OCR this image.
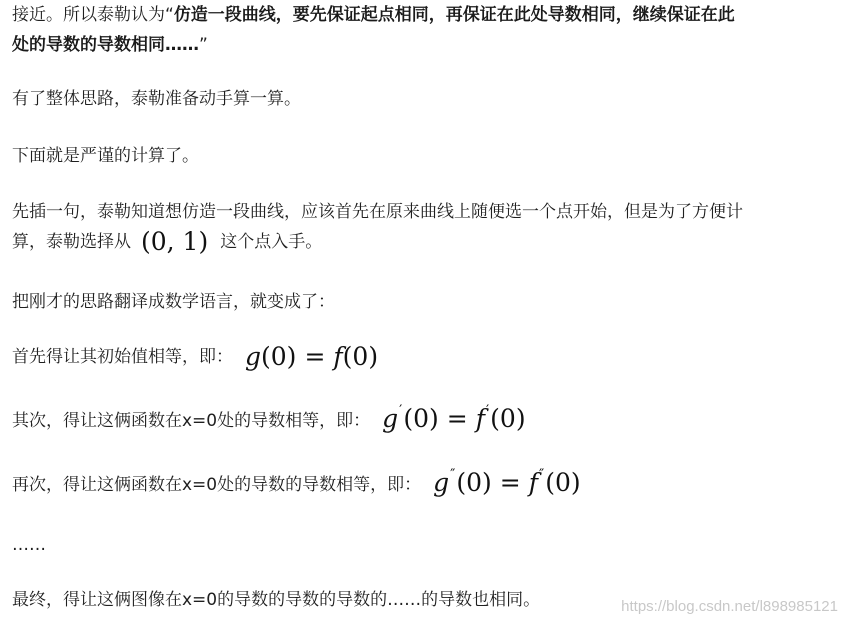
接近。所以泰勒认为“仿造一段曲线，要先保证起点相同，再保证在此处导数相同，继续保证在此
处的导数的导数相同……”

有了整体思路，泰勒准备动手算一算。

下面就是严谨的计算了。

先插一句，泰勒知道想仿造一段曲线，应该首先在原来曲线上随便选一个点开始，但是为了方便计

算，泰勒选择从 (0, 1) 这个点入手。

把刚才的思路翻译成数学语言，就变成了：

首先得让其初始值相等，即： g(0) = f(0)

其次，得让这俩函数在x=0处的导数相等，即： g′(0) = f′(0)

再次，得让这俩函数在x=0处的导数的导数相等，即： g″(0) = f″(0)

……

最终，得让这俩图像在x=0的导数的导数的导数的……的导数也相同。	https://blog.csdn.net/l898985121
